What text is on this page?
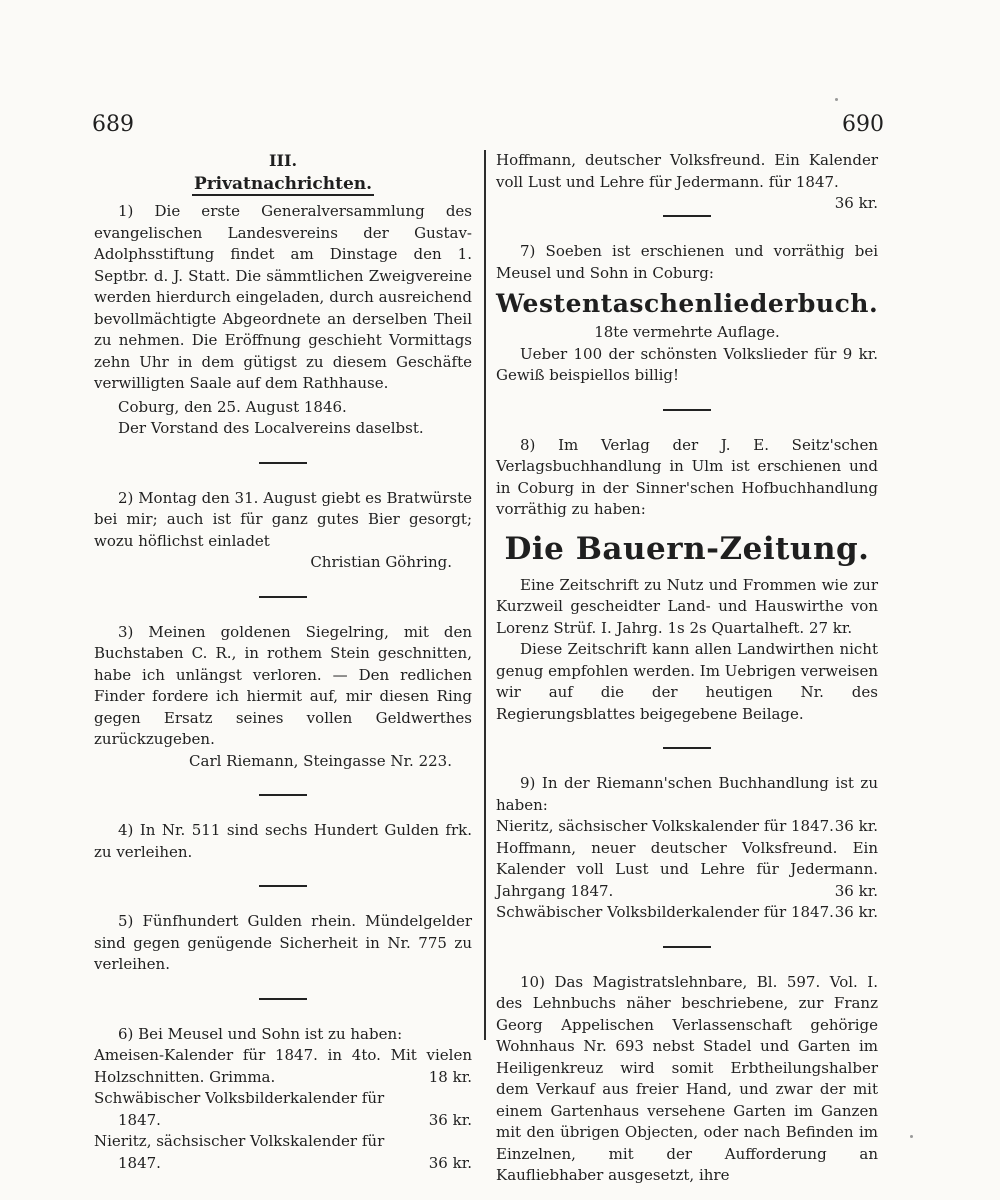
689	690

III.

Privatnachrichten.

1) Die erste Generalversammlung des evangelischen Landesvereins der Gustav-Adolphsstiftung findet am Dinstage den 1. Septbr. d. J. Statt. Die sämmtlichen Zweigvereine werden hierdurch eingeladen, durch ausreichend bevollmächtigte Abgeordnete an derselben Theil zu nehmen. Die Eröffnung geschieht Vormittags zehn Uhr in dem gütigst zu diesem Geschäfte verwilligten Saale auf dem Rathhause.

Coburg, den 25. August 1846.

Der Vorstand des Localvereins daselbst.

2) Montag den 31. August giebt es Bratwürste bei mir; auch ist für ganz gutes Bier gesorgt; wozu höflichst einladet

Christian Göhring.

3) Meinen goldenen Siegelring, mit den Buchstaben C. R., in rothem Stein geschnitten, habe ich unlängst verloren. — Den redlichen Finder fordere ich hiermit auf, mir diesen Ring gegen Ersatz seines vollen Geldwerthes zurückzugeben.

Carl Riemann, Steingasse Nr. 223.

4) In Nr. 511 sind sechs Hundert Gulden frk. zu verleihen.

5) Fünfhundert Gulden rhein. Mündelgelder sind gegen genügende Sicherheit in Nr. 775 zu verleihen.

6) Bei Meusel und Sohn ist zu haben:

Ameisen-Kalender für 1847. in 4to. Mit vielen Holzschnitten. Grimma.	18 kr.

Schwäbischer Volksbilderkalender für

1847.	36 kr.

Nieritz, sächsischer Volkskalender für

1847.	36 kr.

Hoffmann, deutscher Volksfreund. Ein Kalender voll Lust und Lehre für Jedermann. für 1847.
36 kr.

7) Soeben ist erschienen und vorräthig bei Meusel und Sohn in Coburg:

Westentaschenliederbuch.

18te vermehrte Auflage.

Ueber 100 der schönsten Volkslieder für 9 kr. Gewiß beispiellos billig!

8) Im Verlag der J. E. Seitz'schen Verlagsbuchhandlung in Ulm ist erschienen und in Coburg in der Sinner'schen Hofbuchhandlung vorräthig zu haben:

Die Bauern-Zeitung.

Eine Zeitschrift zu Nutz und Frommen wie zur Kurzweil gescheidter Land- und Hauswirthe von Lorenz Strüf. I. Jahrg. 1s 2s Quartalheft. 27 kr.

Diese Zeitschrift kann allen Landwirthen nicht genug empfohlen werden. Im Uebrigen verweisen wir auf die der heutigen Nr. des Regierungsblattes beigegebene Beilage.

9) In der Riemann'schen Buchhandlung ist zu haben:

Nieritz, sächsischer Volkskalender für 1847. 36 kr.

Hoffmann, neuer deutscher Volksfreund. Ein Kalender voll Lust und Lehre für Jedermann. Jahrgang 1847.	36 kr.

Schwäbischer Volksbilderkalender für 1847. 36 kr.

10) Das Magistratslehnbare, Bl. 597. Vol. I. des Lehnbuchs näher beschriebene, zur Franz Georg Appelischen Verlassenschaft gehörige Wohnhaus Nr. 693 nebst Stadel und Garten im Heiligenkreuz wird somit Erbtheilungshalber dem Verkauf aus freier Hand, und zwar der mit einem Gartenhaus versehene Garten im Ganzen mit den übrigen Objecten, oder nach Befinden im Einzelnen, mit der Aufforderung an Kaufliebhaber ausgesetzt, ihre
